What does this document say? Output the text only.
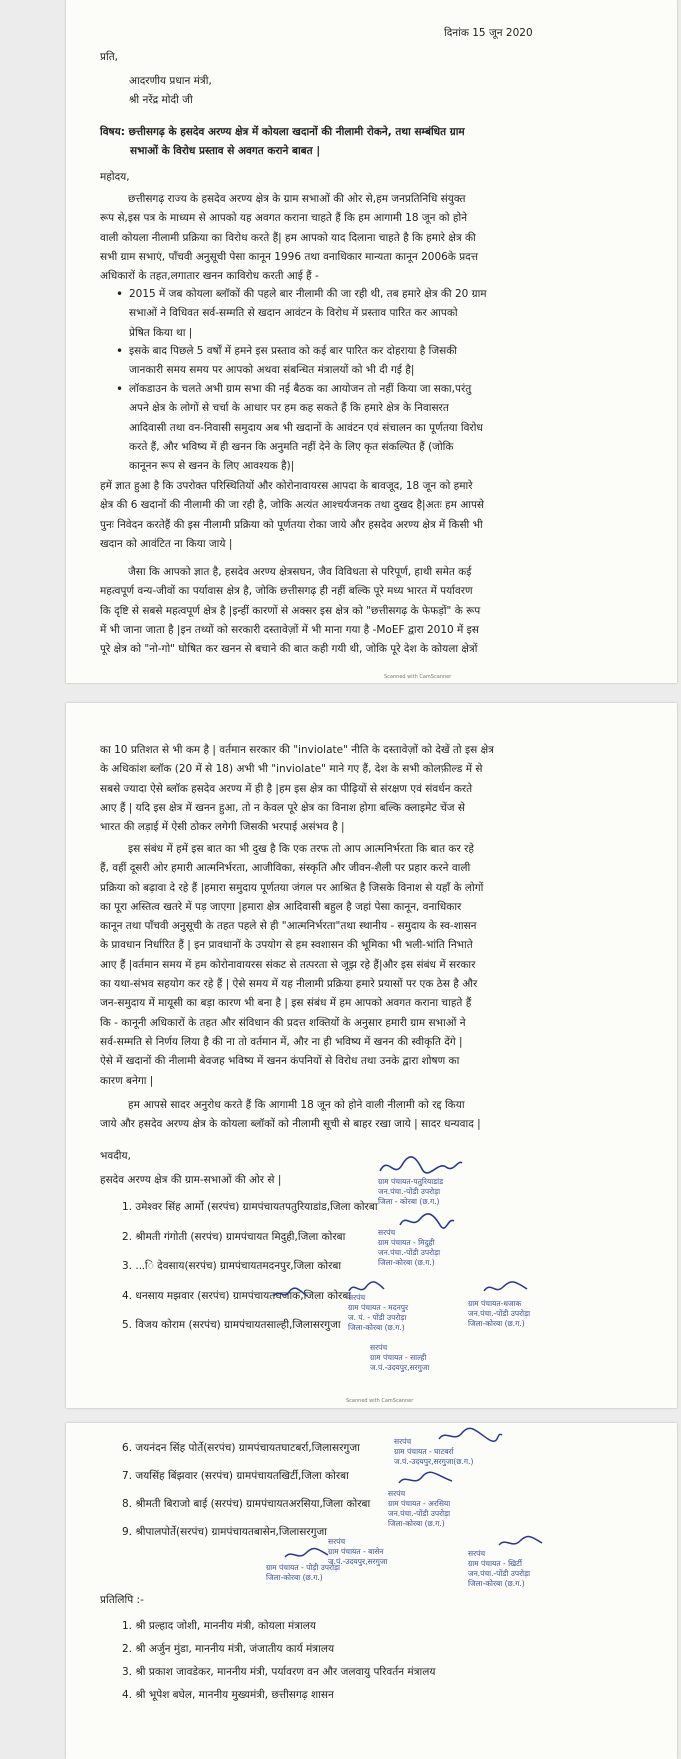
दिनांक 15 जून 2020
प्रति,
आदरणीय प्रधान मंत्री,
श्री नरेंद्र मोदी जी
विषय: छत्तीसगढ़ के हसदेव अरण्य क्षेत्र में कोयला खदानों की नीलामी रोकने, तथा सम्बंधित ग्राम
सभाओं के विरोध प्रस्ताव से अवगत कराने बाबत |
महोदय,
छत्तीसगढ़ राज्य के हसदेव अरण्य क्षेत्र के ग्राम सभाओं की ओर से,हम जनप्रतिनिधि संयुक्त
रूप से,इस पत्र के माध्यम से आपको यह अवगत कराना चाहते हैं कि हम आगामी 18 जून को होने
वाली कोयला नीलामी प्रक्रिया का विरोध करते हैं| हम आपको याद दिलाना चाहते है कि हमारे क्षेत्र की
सभी ग्राम सभाएं, पाँचवी अनुसूची पेसा कानून 1996 तथा वनाधिकार मान्यता कानून 2006के प्रदत्त
अधिकारों के तहत,लगातार खनन काविरोध करती आई हैं -
• 2015 में जब कोयला ब्लॉकों की पहले बार नीलामी की जा रही थी, तब हमारे क्षेत्र की 20 ग्राम
सभाओं ने विधिवत सर्व-सम्मति से खदान आवंटन के विरोध में प्रस्ताव पारित कर आपको
प्रेषित किया था |
• इसके बाद पिछले 5 वर्षों में हमने इस प्रस्ताव को कई बार पारित कर दोहराया है जिसकी
जानकारी समय समय पर आपको अथवा संबन्धित मंत्रालयों को भी दी गई है|
• लॉकडाउन के चलते अभी ग्राम सभा की नई बैठक का आयोजन तो नहीं किया जा सका,परंतु
अपने क्षेत्र के लोगों से चर्चा के आधार पर हम कह सकते हैं कि हमारे क्षेत्र के निवासरत
आदिवासी तथा वन-निवासी समुदाय अब भी खदानों के आवंटन एवं संचालन का पूर्णतया विरोध
करते हैं, और भविष्य में ही खनन कि अनुमति नहीं देने के लिए कृत संकल्पित हैं (जोकि
कानूनन रूप से खनन के लिए आवश्यक है)|
हमें ज्ञात हुआ है कि उपरोक्त परिस्थितियों और कोरोनावायरस आपदा के बावजूद, 18 जून को हमारे
क्षेत्र की 6 खदानों की नीलामी की जा रही है, जोकि अत्यंत आश्चर्यजनक तथा दुखद है|अतः हम आपसे
पुनः निवेदन करतेहैं की इस नीलामी प्रक्रिया को पूर्णतया रोका जाये और हसदेव अरण्य क्षेत्र में किसी भी
खदान को आवंटित ना किया जाये |
जैसा कि आपको ज्ञात है, हसदेव अरण्य क्षेत्रसघन, जैव विविधता से परिपूर्ण, हाथी समेत कई
महत्वपूर्ण वन्य-जीवों का पर्यावास क्षेत्र है, जोकि छत्तीसगढ़ ही नहीं बल्कि पूरे मध्य भारत में पर्यावरण
कि दृष्टि से सबसे महत्वपूर्ण क्षेत्र है |इन्हीं कारणों से अक्सर इस क्षेत्र को "छत्तीसगढ़ के फेफड़ों" के रूप
में भी जाना जाता है |इन तथ्यों को सरकारी दस्तावेज़ों में भी माना गया है -MoEF द्वारा 2010 में इस
पूरे क्षेत्र को "नो-गो" घोषित कर खनन से बचाने की बात कही गयी थी, जोकि पूरे देश के कोयला क्षेत्रों
Scanned with CamScanner
का 10 प्रतिशत से भी कम है | वर्तमान सरकार की "inviolate" नीति के दस्तावेज़ों को देखें तो इस क्षेत्र
के अधिकांश ब्लॉक (20 में से 18) अभी भी "inviolate" माने गए हैं, देश के सभी कोलफ़ील्ड में से
सबसे ज्यादा ऐसे ब्लॉक हसदेव अरण्य में ही है |हम इस क्षेत्र का पीढ़ियों से संरक्षण एवं संवर्धन करते
आए हैं | यदि इस क्षेत्र में खनन हुआ, तो न केवल पूरे क्षेत्र का विनाश होगा बल्कि क्लाइमेट चेंज से
भारत की लड़ाई में ऐसी ठोकर लगेगी जिसकी भरपाई असंभव है |
इस संबंध में हमें इस बात का भी दुख है कि एक तरफ तो आप आत्मनिर्भरता कि बात कर रहे
हैं, वहीं दूसरी ओर हमारी आत्मनिर्भरता, आजीविका, संस्कृति और जीवन-शैली पर प्रहार करने वाली
प्रक्रिया को बढ़ावा दे रहे हैं |हमारा समुदाय पूर्णतया जंगल पर आश्रित है जिसके विनाश से यहाँ के लोगों
का पूरा अस्तित्व खतरे में पड़ जाएगा |हमारा क्षेत्र आदिवासी बहुल है जहां पेसा कानून, वनाधिकार
कानून तथा पाँचवी अनुसूची के तहत पहले से ही "आत्मनिर्भरता"तथा स्थानीय - समुदाय के स्व-शासन
के प्रावधान निर्धारित हैं | इन प्रावधानों के उपयोग से हम स्वशासन की भूमिका भी भली-भांति निभाते
आए हैं |वर्तमान समय में हम कोरोनावायरस संकट से तत्परता से जूझ रहे हैं|और इस संबंध में सरकार
का यथा-संभव सहयोग कर रहे हैं | ऐसे समय में यह नीलामी प्रक्रिया हमारे प्रयासों पर एक ठेस है और
जन-समुदाय में मायूसी का बड़ा कारण भी बना है | इस संबंध में हम आपको अवगत कराना चाहते हैं
कि - कानूनी अधिकारों के तहत और संविधान की प्रदत्त शक्तियों के अनुसार हमारी ग्राम सभाओं ने
सर्व-सम्मति से निर्णय लिया है की ना तो वर्तमान में, और ना ही भविष्य में खनन की स्वीकृति देंगे |
ऐसे में खदानों की नीलामी बेवजह भविष्य में खनन कंपनियों से विरोध तथा उनके द्वारा शोषण का
कारण बनेगा |
हम आपसे सादर अनुरोध करते हैं कि आगामी 18 जून को होने वाली नीलामी को रद्द किया
जाये और हसदेव अरण्य क्षेत्र के कोयला ब्लॉकों को नीलामी सूची से बाहर रखा जाये | सादर धन्यवाद |
भवदीय,
हसदेव अरण्य क्षेत्र की ग्राम-सभाओं की ओर से |
1. उमेश्वर सिंह आर्मो (सरपंच) ग्रामपंचायतपतुरियाडांड,जिला कोरबा
2. श्रीमती गंगोती (सरपंच) ग्रामपंचायत मिदुही,जिला कोरबा
3. ...ि देवसाय(सरपंच) ग्रामपंचायतमदनपुर,जिला कोरबा
4. धनसाय मझवार (सरपंच) ग्रामपंचायतधजाक,जिला कोरबा
5. विजय कोराम (सरपंच) ग्रामपंचायतसाल्ही,जिलासरगुजा
ग्राम पंचायत-पतुरियाडांड
जन.पंचा.-पोंडी उपरोड़ा
जिला - कोरबा (छ.ग.)
सरपंच
ग्राम पंचायत - मिदुही
जन.पंचा.-पोंडी उपरोड़ा
जिला-कोरबा (छ.ग.)
सरपंच
ग्राम पंचायत - मदनपुर
ज. पं. - पोंडी उपरोड़ा
जिला-कोरबा (छ.ग.)
ग्राम पंचायत-धजाक
जन.पंचा.-पोंडी उपरोड़ा
जिला-कोरबा (छ.ग.)
सरपंच
ग्राम पंचायत - साल्ही
ज.पं.-उदयपुर,सरगुजा
Scanned with CamScanner
6. जयनंदन सिंह पोर्ते(सरपंच) ग्रामपंचायतघाटबर्रा,जिलासरगुजा
7. जयसिंह बिंझवार (सरपंच) ग्रामपंचायतखिर्टी,जिला कोरबा
8. श्रीमती बिराजो बाई (सरपंच) ग्रामपंचायतअरसिया,जिला कोरबा
9. श्रीपालपोर्ते(सरपंच) ग्रामपंचायतबासेन,जिलासरगुजा
सरपंच
ग्राम पंचायत - घाटबर्रा
ज.पं.-उदयपुर,सरगुजा(छ.ग.)
सरपंच
ग्राम पंचायत - अरसिया
जन.पंचा.-पोंडी उपरोड़ा
जिला-कोरबा (छ.ग.)
सरपंच
ग्राम पंचायत - बासेन
ज.पं.-उदयपुर,सरगुजा
सरपंच
ग्राम पंचायत - खिर्टी
जन.पंचा.-पोंडी उपरोड़ा
जिला-कोरबा (छ.ग.)
ग्राम पंचायत - पोड़ी उपरोड़ा
जिला-कोरबा (छ.ग.)
प्रतिलिपि :-
1. श्री प्रल्हाद जोशी, माननीय मंत्री, कोयला मंत्रालय
2. श्री अर्जुन मुंडा, माननीय मंत्री, जंजातीय कार्य मंत्रालय
3. श्री प्रकाश जावडेकर, माननीय मंत्री, पर्यावरण वन और जलवायु परिवर्तन मंत्रालय
4. श्री भूपेश बघेल, माननीय मुख्यमंत्री, छत्तीसगढ़ शासन
